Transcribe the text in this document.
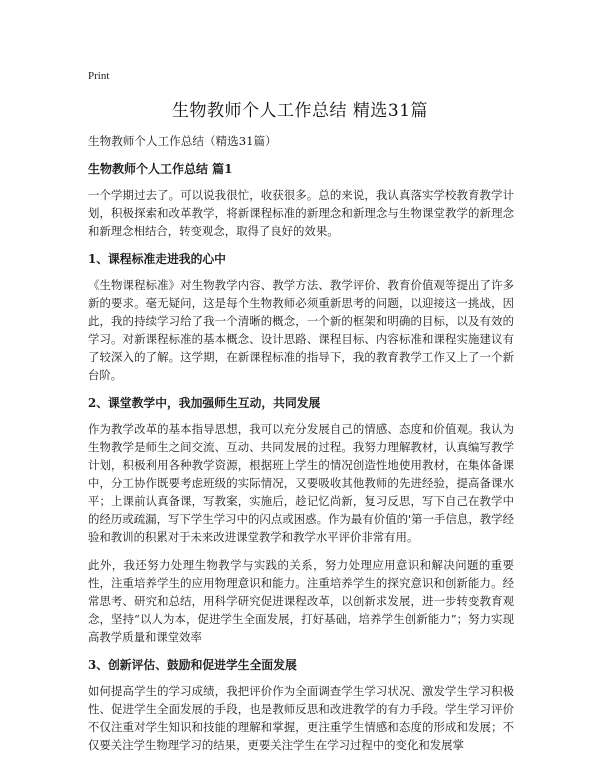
Print
生物教师个人工作总结 精选31篇

生物教师个人工作总结（精选31篇）

生物教师个人工作总结 篇1

一个学期过去了。可以说我很忙，收获很多。总的来说，我认真落实学校教育教学计划，积极探索和改革教学，将新课程标准的新理念和新理念与生物课堂教学的新理念和新理念相结合，转变观念，取得了良好的效果。

1、课程标准走进我的心中

《生物课程标准》对生物教学内容、教学方法、教学评价、教育价值观等提出了许多新的要求。毫无疑问，这是每个生物教师必须重新思考的问题，以迎接这一挑战，因此，我的持续学习给了我一个清晰的概念，一个新的框架和明确的目标，以及有效的学习。对新课程标准的基本概念、设计思路、课程目标、内容标准和课程实施建议有了较深入的了解。这学期，在新课程标准的指导下，我的教育教学工作又上了一个新台阶。

2、课堂教学中，我加强师生互动，共同发展

作为教学改革的基本指导思想，我可以充分发展自己的情感、态度和价值观。我认为生物教学是师生之间交流、互动、共同发展的过程。我努力理解教材，认真编写教学计划，积极利用各种教学资源，根据班上学生的情况创造性地使用教材，在集体备课中，分工协作既要考虑班级的实际情况，又要吸收其他教师的先进经验，提高备课水平；上课前认真备课，写教案，实施后，趁记忆尚新，复习反思，写下自己在教学中的经历或疏漏，写下学生学习中的闪点或困惑。作为最有价值的'第一手信息，教学经验和教训的积累对于未来改进课堂教学和教学水平评价非常有用。

此外，我还努力处理生物教学与实践的关系，努力处理应用意识和解决问题的重要性，注重培养学生的应用物理意识和能力。注重培养学生的探究意识和创新能力。经常思考、研究和总结，用科学研究促进课程改革，以创新求发展，进一步转变教育观念，坚持“以人为本，促进学生全面发展，打好基础，培养学生创新能力”；努力实现高教学质量和课堂效率

3、创新评估、鼓励和促进学生全面发展

如何提高学生的学习成绩，我把评价作为全面调查学生学习状况、激发学生学习积极性、促进学生全面发展的手段，也是教师反思和改进教学的有力手段。学生学习评价不仅注重对学生知识和技能的理解和掌握，更注重学生情感和态度的形成和发展；不仅要关注学生物理学习的结果，更要关注学生在学习过程中的变化和发展掌
